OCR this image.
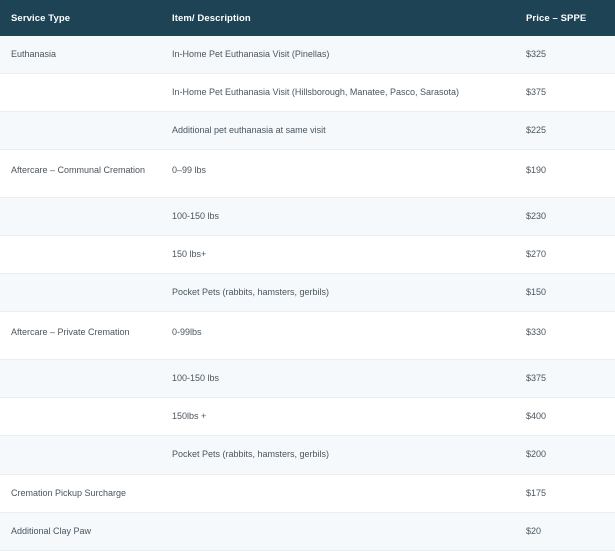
Service Type	Item/ Description	Price – SPPE
Euthanasia	In-Home Pet Euthanasia Visit (Pinellas)	$325
	In-Home Pet Euthanasia Visit (Hillsborough, Manatee, Pasco, Sarasota)	$375
	Additional pet euthanasia at same visit	$225
Aftercare – Communal Cremation	0–99 lbs	$190
	100-150 lbs	$230
	150 lbs+	$270
	Pocket Pets (rabbits, hamsters, gerbils)	$150
Aftercare – Private Cremation	0-99lbs	$330
	100-150 lbs	$375
	150lbs +	$400
	Pocket Pets (rabbits, hamsters, gerbils)	$200
Cremation Pickup Surcharge		$175
Additional Clay Paw		$20
